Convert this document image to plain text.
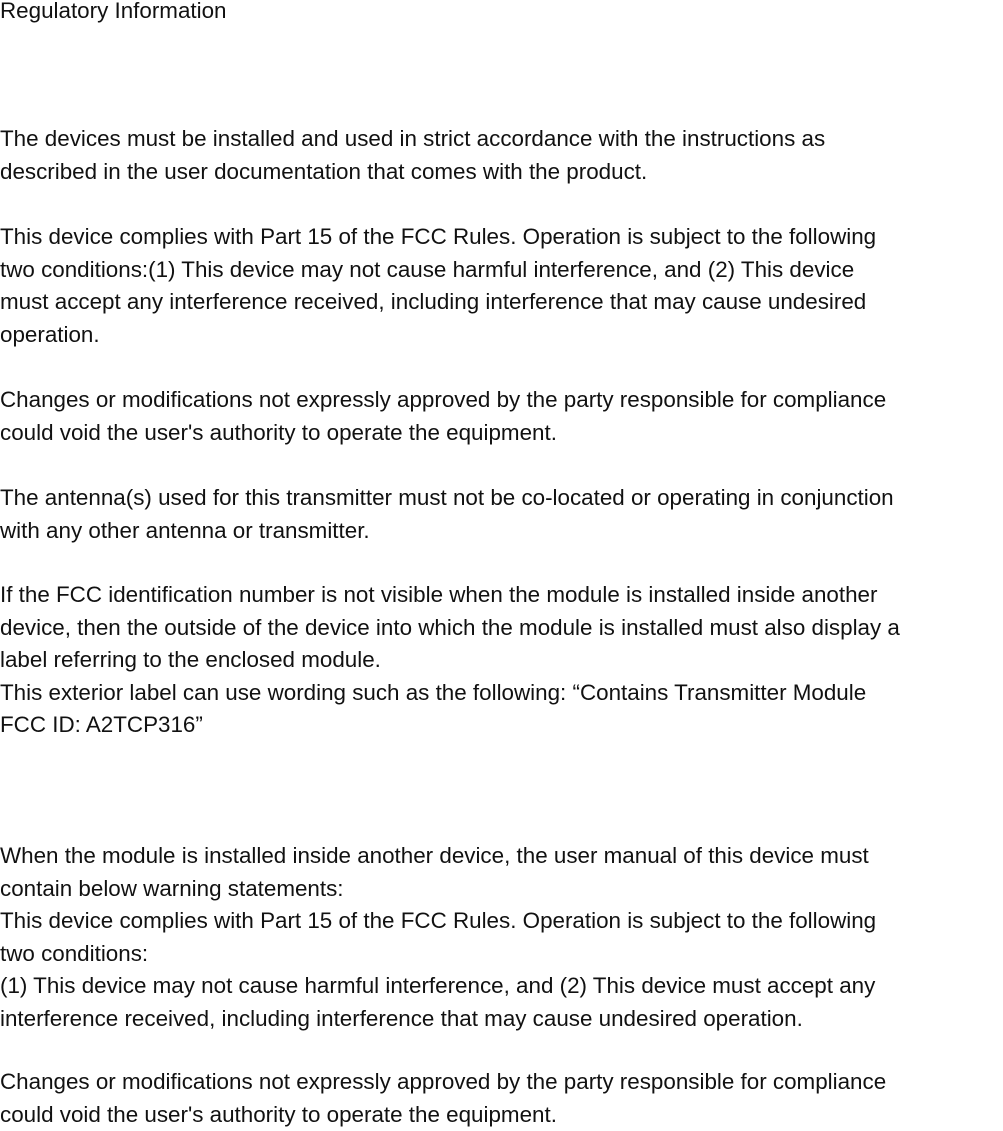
Regulatory Information
The devices must be installed and used in strict accordance with the instructions as
described in the user documentation that comes with the product.
This device complies with Part 15 of the FCC Rules. Operation is subject to the following
two conditions:(1) This device may not cause harmful interference, and (2) This device
must accept any interference received, including interference that may cause undesired
operation.
Changes or modifications not expressly approved by the party responsible for compliance
could void the user's authority to operate the equipment.
The antenna(s) used for this transmitter must not be co-located or operating in conjunction
with any other antenna or transmitter.
If the FCC identification number is not visible when the module is installed inside another
device, then the outside of the device into which the module is installed must also display a
label referring to the enclosed module.
This exterior label can use wording such as the following: “Contains Transmitter Module
FCC ID: A2TCP316”
When the module is installed inside another device, the user manual of this device must
contain below warning statements:
This device complies with Part 15 of the FCC Rules. Operation is subject to the following
two conditions:
(1) This device may not cause harmful interference, and (2) This device must accept any
interference received, including interference that may cause undesired operation.
Changes or modifications not expressly approved by the party responsible for compliance
could void the user's authority to operate the equipment.
